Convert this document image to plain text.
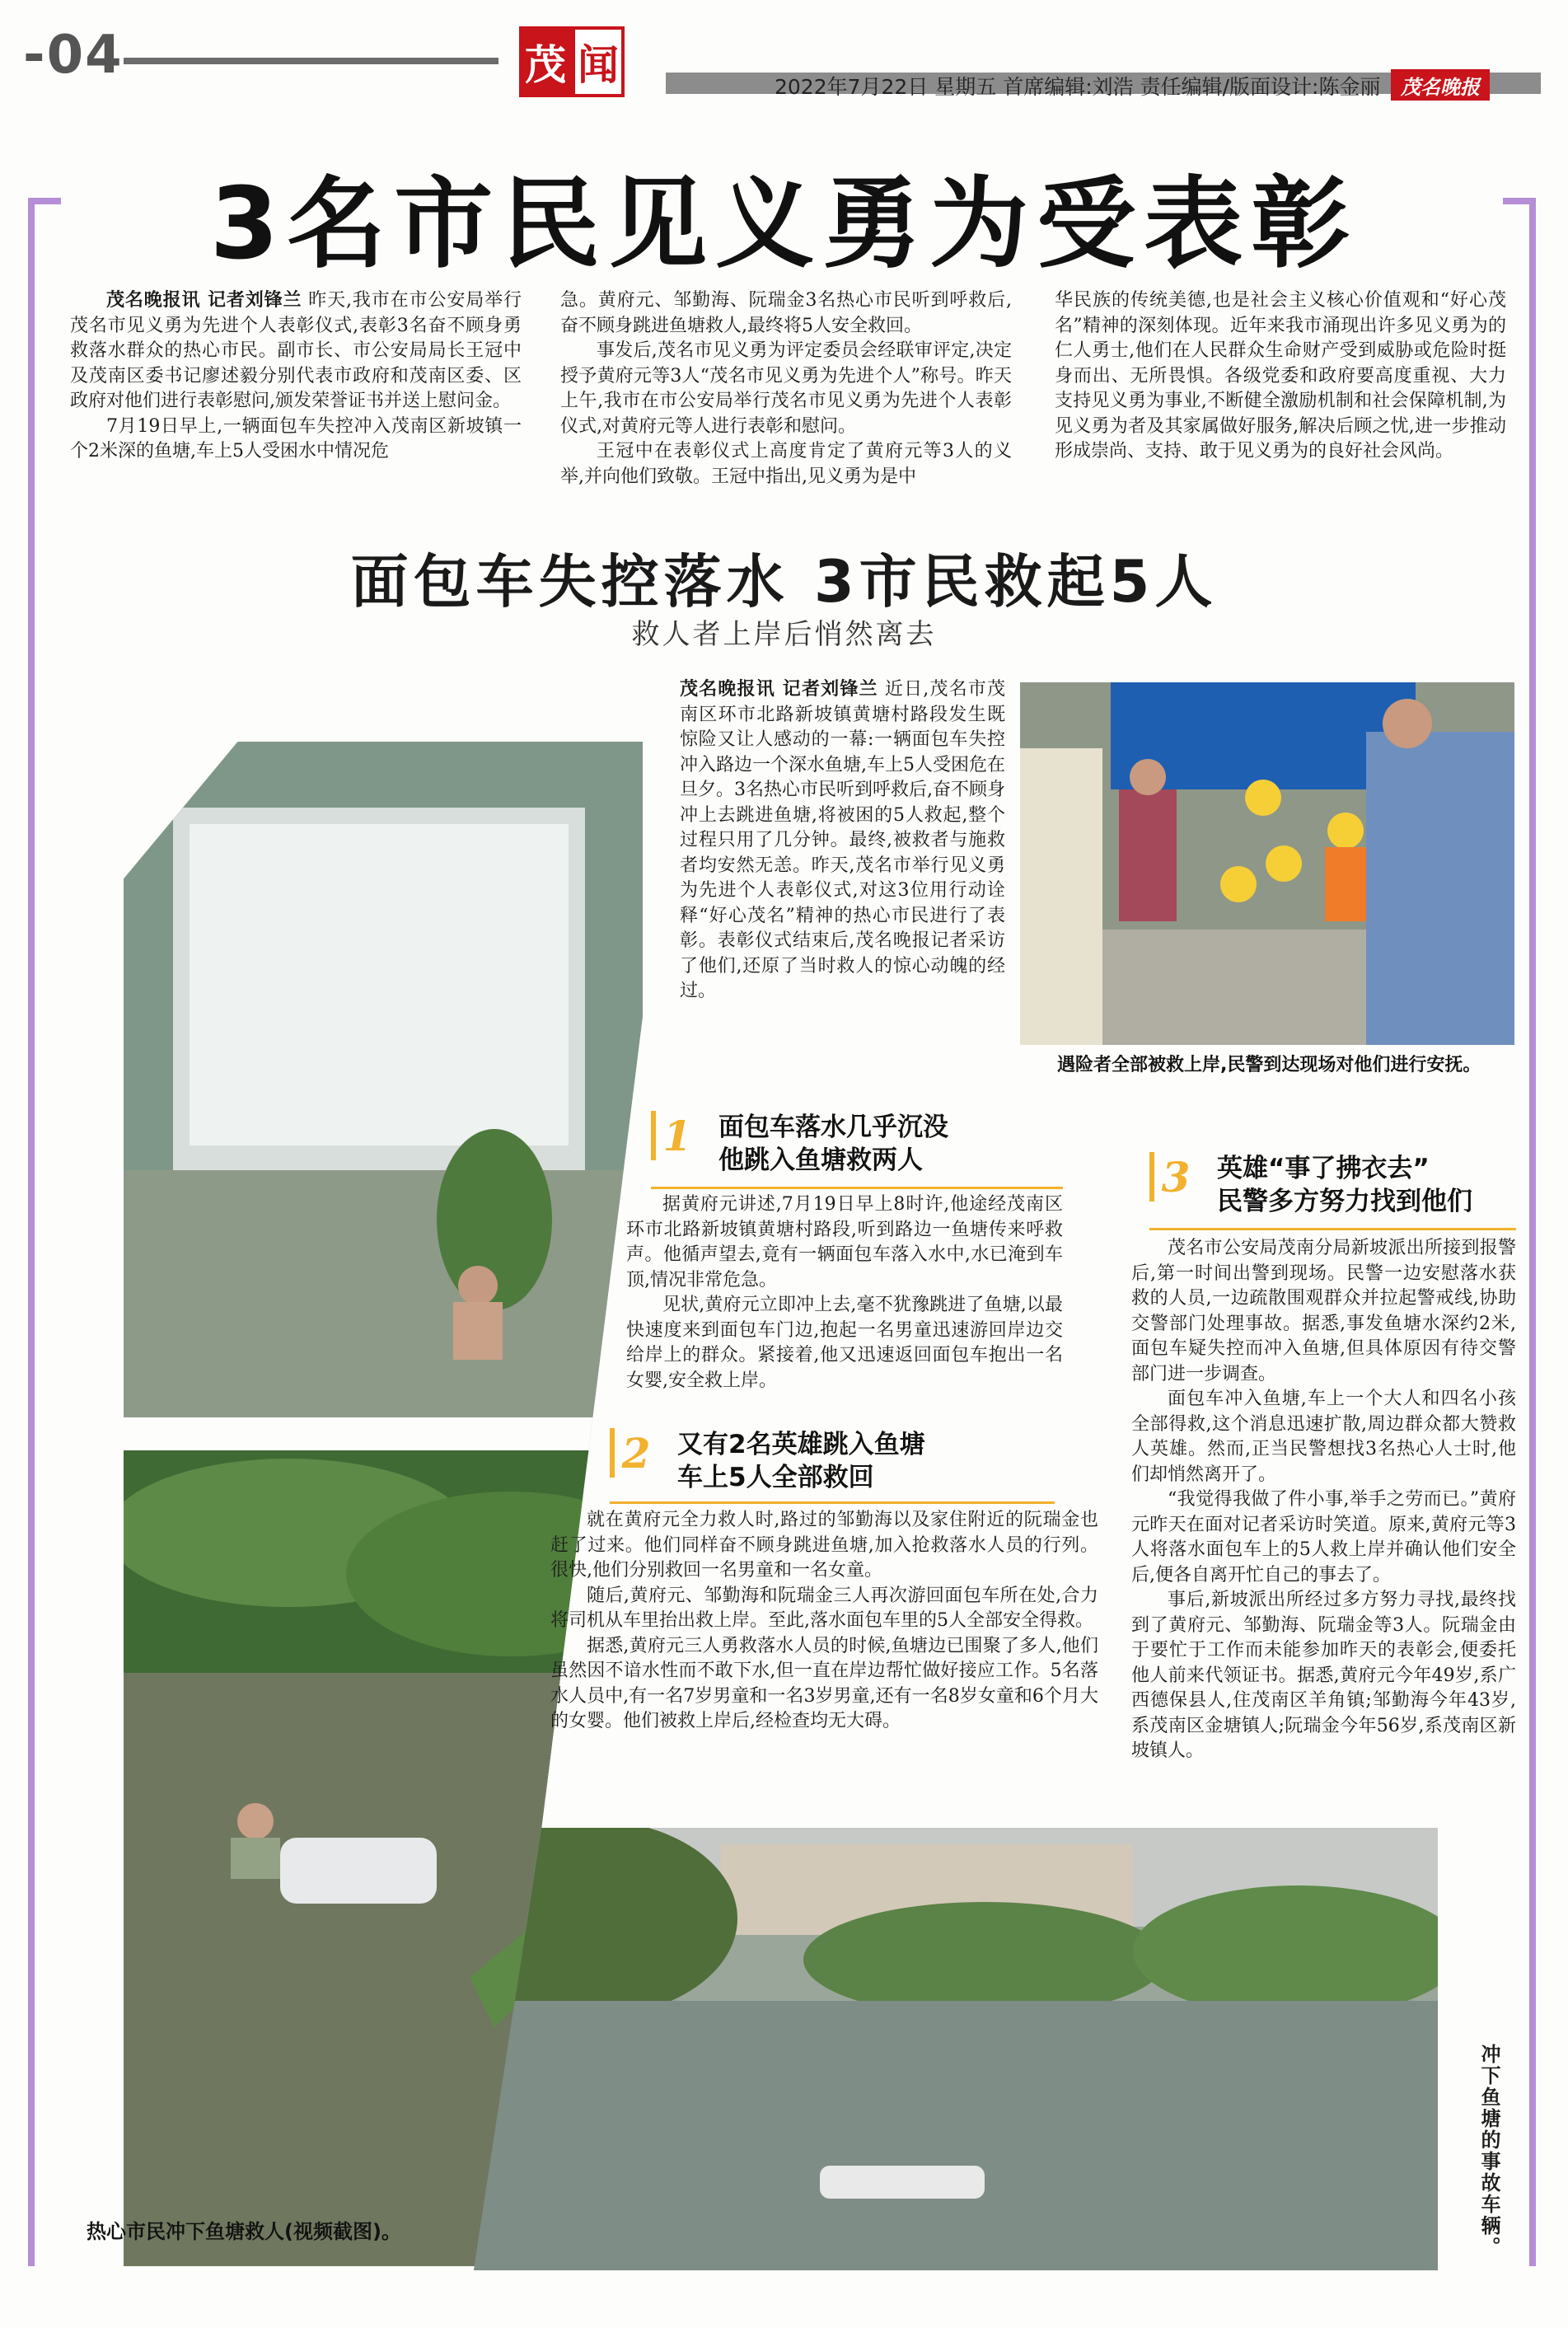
-04	茂 闻	2022年7月22日 星期五 首席编辑:刘浩 责任编辑/版面设计:陈金丽	茂名晚报
3名市民见义勇为受表彰

茂名晚报讯 记者刘锋兰 昨天,我市在市公安局举行茂名市见义勇为先进个人表彰仪式,表彰3名奋不顾身勇救落水群众的热心市民。副市长、市公安局局长王冠中及茂南区委书记廖述毅分别代表市政府和茂南区委、区政府对他们进行表彰慰问,颁发荣誉证书并送上慰问金。

7月19日早上,一辆面包车失控冲入茂南区新坡镇一个2米深的鱼塘,车上5人受困水中情况危

急。黄府元、邹勤海、阮瑞金3名热心市民听到呼救后,奋不顾身跳进鱼塘救人,最终将5人安全救回。

事发后,茂名市见义勇为评定委员会经联审评定,决定授予黄府元等3人“茂名市见义勇为先进个人”称号。昨天上午,我市在市公安局举行茂名市见义勇为先进个人表彰仪式,对黄府元等人进行表彰和慰问。

王冠中在表彰仪式上高度肯定了黄府元等3人的义举,并向他们致敬。王冠中指出,见义勇为是中

华民族的传统美德,也是社会主义核心价值观和“好心茂名”精神的深刻体现。近年来我市涌现出许多见义勇为的仁人勇士,他们在人民群众生命财产受到威胁或危险时挺身而出、无所畏惧。各级党委和政府要高度重视、大力支持见义勇为事业,不断健全激励机制和社会保障机制,为见义勇为者及其家属做好服务,解决后顾之忧,进一步推动形成崇尚、支持、敢于见义勇为的良好社会风尚。

面包车失控落水 3市民救起5人
救人者上岸后悄然离去
热心市民冲下鱼塘救人(视频截图)。

茂名晚报讯 记者刘锋兰 近日,茂名市茂南区环市北路新坡镇黄塘村路段发生既惊险又让人感动的一幕:一辆面包车失控冲入路边一个深水鱼塘,车上5人受困危在旦夕。3名热心市民听到呼救后,奋不顾身冲上去跳进鱼塘,将被困的5人救起,整个过程只用了几分钟。最终,被救者与施救者均安然无恙。昨天,茂名市举行见义勇为先进个人表彰仪式,对这3位用行动诠释“好心茂名”精神的热心市民进行了表彰。表彰仪式结束后,茂名晚报记者采访了他们,还原了当时救人的惊心动魄的经过。

遇险者全部被救上岸,民警到达现场对他们进行安抚。
1 面包车落水几乎沉没
他跳入鱼塘救两人

据黄府元讲述,7月19日早上8时许,他途经茂南区环市北路新坡镇黄塘村路段,听到路边一鱼塘传来呼救声。他循声望去,竟有一辆面包车落入水中,水已淹到车顶,情况非常危急。

见状,黄府元立即冲上去,毫不犹豫跳进了鱼塘,以最快速度来到面包车门边,抱起一名男童迅速游回岸边交给岸上的群众。紧接着,他又迅速返回面包车抱出一名女婴,安全救上岸。

2 又有2名英雄跳入鱼塘
车上5人全部救回

就在黄府元全力救人时,路过的邹勤海以及家住附近的阮瑞金也赶了过来。他们同样奋不顾身跳进鱼塘,加入抢救落水人员的行列。很快,他们分别救回一名男童和一名女童。

随后,黄府元、邹勤海和阮瑞金三人再次游回面包车所在处,合力将司机从车里抬出救上岸。至此,落水面包车里的5人全部安全得救。

据悉,黄府元三人勇救落水人员的时候,鱼塘边已围聚了多人,他们虽然因不谙水性而不敢下水,但一直在岸边帮忙做好接应工作。5名落水人员中,有一名7岁男童和一名3岁男童,还有一名8岁女童和6个月大的女婴。他们被救上岸后,经检查均无大碍。

3 英雄“事了拂衣去”
民警多方努力找到他们

茂名市公安局茂南分局新坡派出所接到报警后,第一时间出警到现场。民警一边安慰落水获救的人员,一边疏散围观群众并拉起警戒线,协助交警部门处理事故。据悉,事发鱼塘水深约2米,面包车疑失控而冲入鱼塘,但具体原因有待交警部门进一步调查。

面包车冲入鱼塘,车上一个大人和四名小孩全部得救,这个消息迅速扩散,周边群众都大赞救人英雄。然而,正当民警想找3名热心人士时,他们却悄然离开了。

“我觉得我做了件小事,举手之劳而已。”黄府元昨天在面对记者采访时笑道。原来,黄府元等3人将落水面包车上的5人救上岸并确认他们安全后,便各自离开忙自己的事去了。

事后,新坡派出所经过多方努力寻找,最终找到了黄府元、邹勤海、阮瑞金等3人。阮瑞金由于要忙于工作而未能参加昨天的表彰会,便委托他人前来代领证书。据悉,黄府元今年49岁,系广西德保县人,住茂南区羊角镇;邹勤海今年43岁,系茂南区金塘镇人;阮瑞金今年56岁,系茂南区新坡镇人。

冲下鱼塘的事故车辆。
